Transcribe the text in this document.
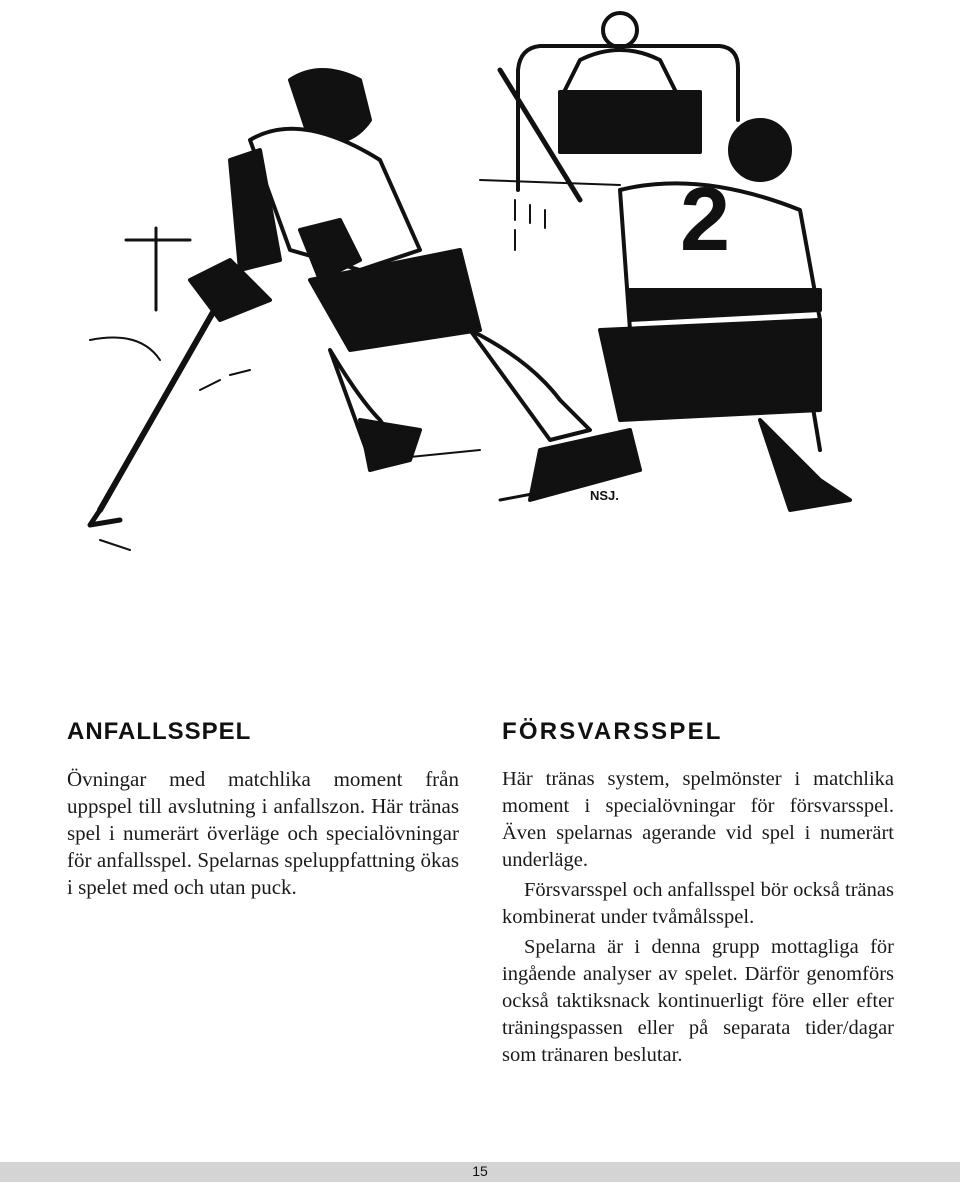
2
NSJ.
ANFALLSSPEL

Övningar med matchlika moment från uppspel till avslutning i anfallszon. Här tränas spel i numerärt överläge och specialövningar för anfallsspel. Spelarnas speluppfattning ökas i spelet med och utan puck.

FÖRSVARSSPEL

Här tränas system, spelmönster i matchlika moment i specialövningar för försvarsspel. Även spelarnas agerande vid spel i numerärt underläge.

Försvarsspel och anfallsspel bör också tränas kombinerat under tvåmålsspel.

Spelarna är i denna grupp mottagliga för ingående analyser av spelet. Därför genomförs också taktiksnack kontinuerligt före eller efter träningspassen eller på separata tider/dagar som tränaren beslutar.

15
